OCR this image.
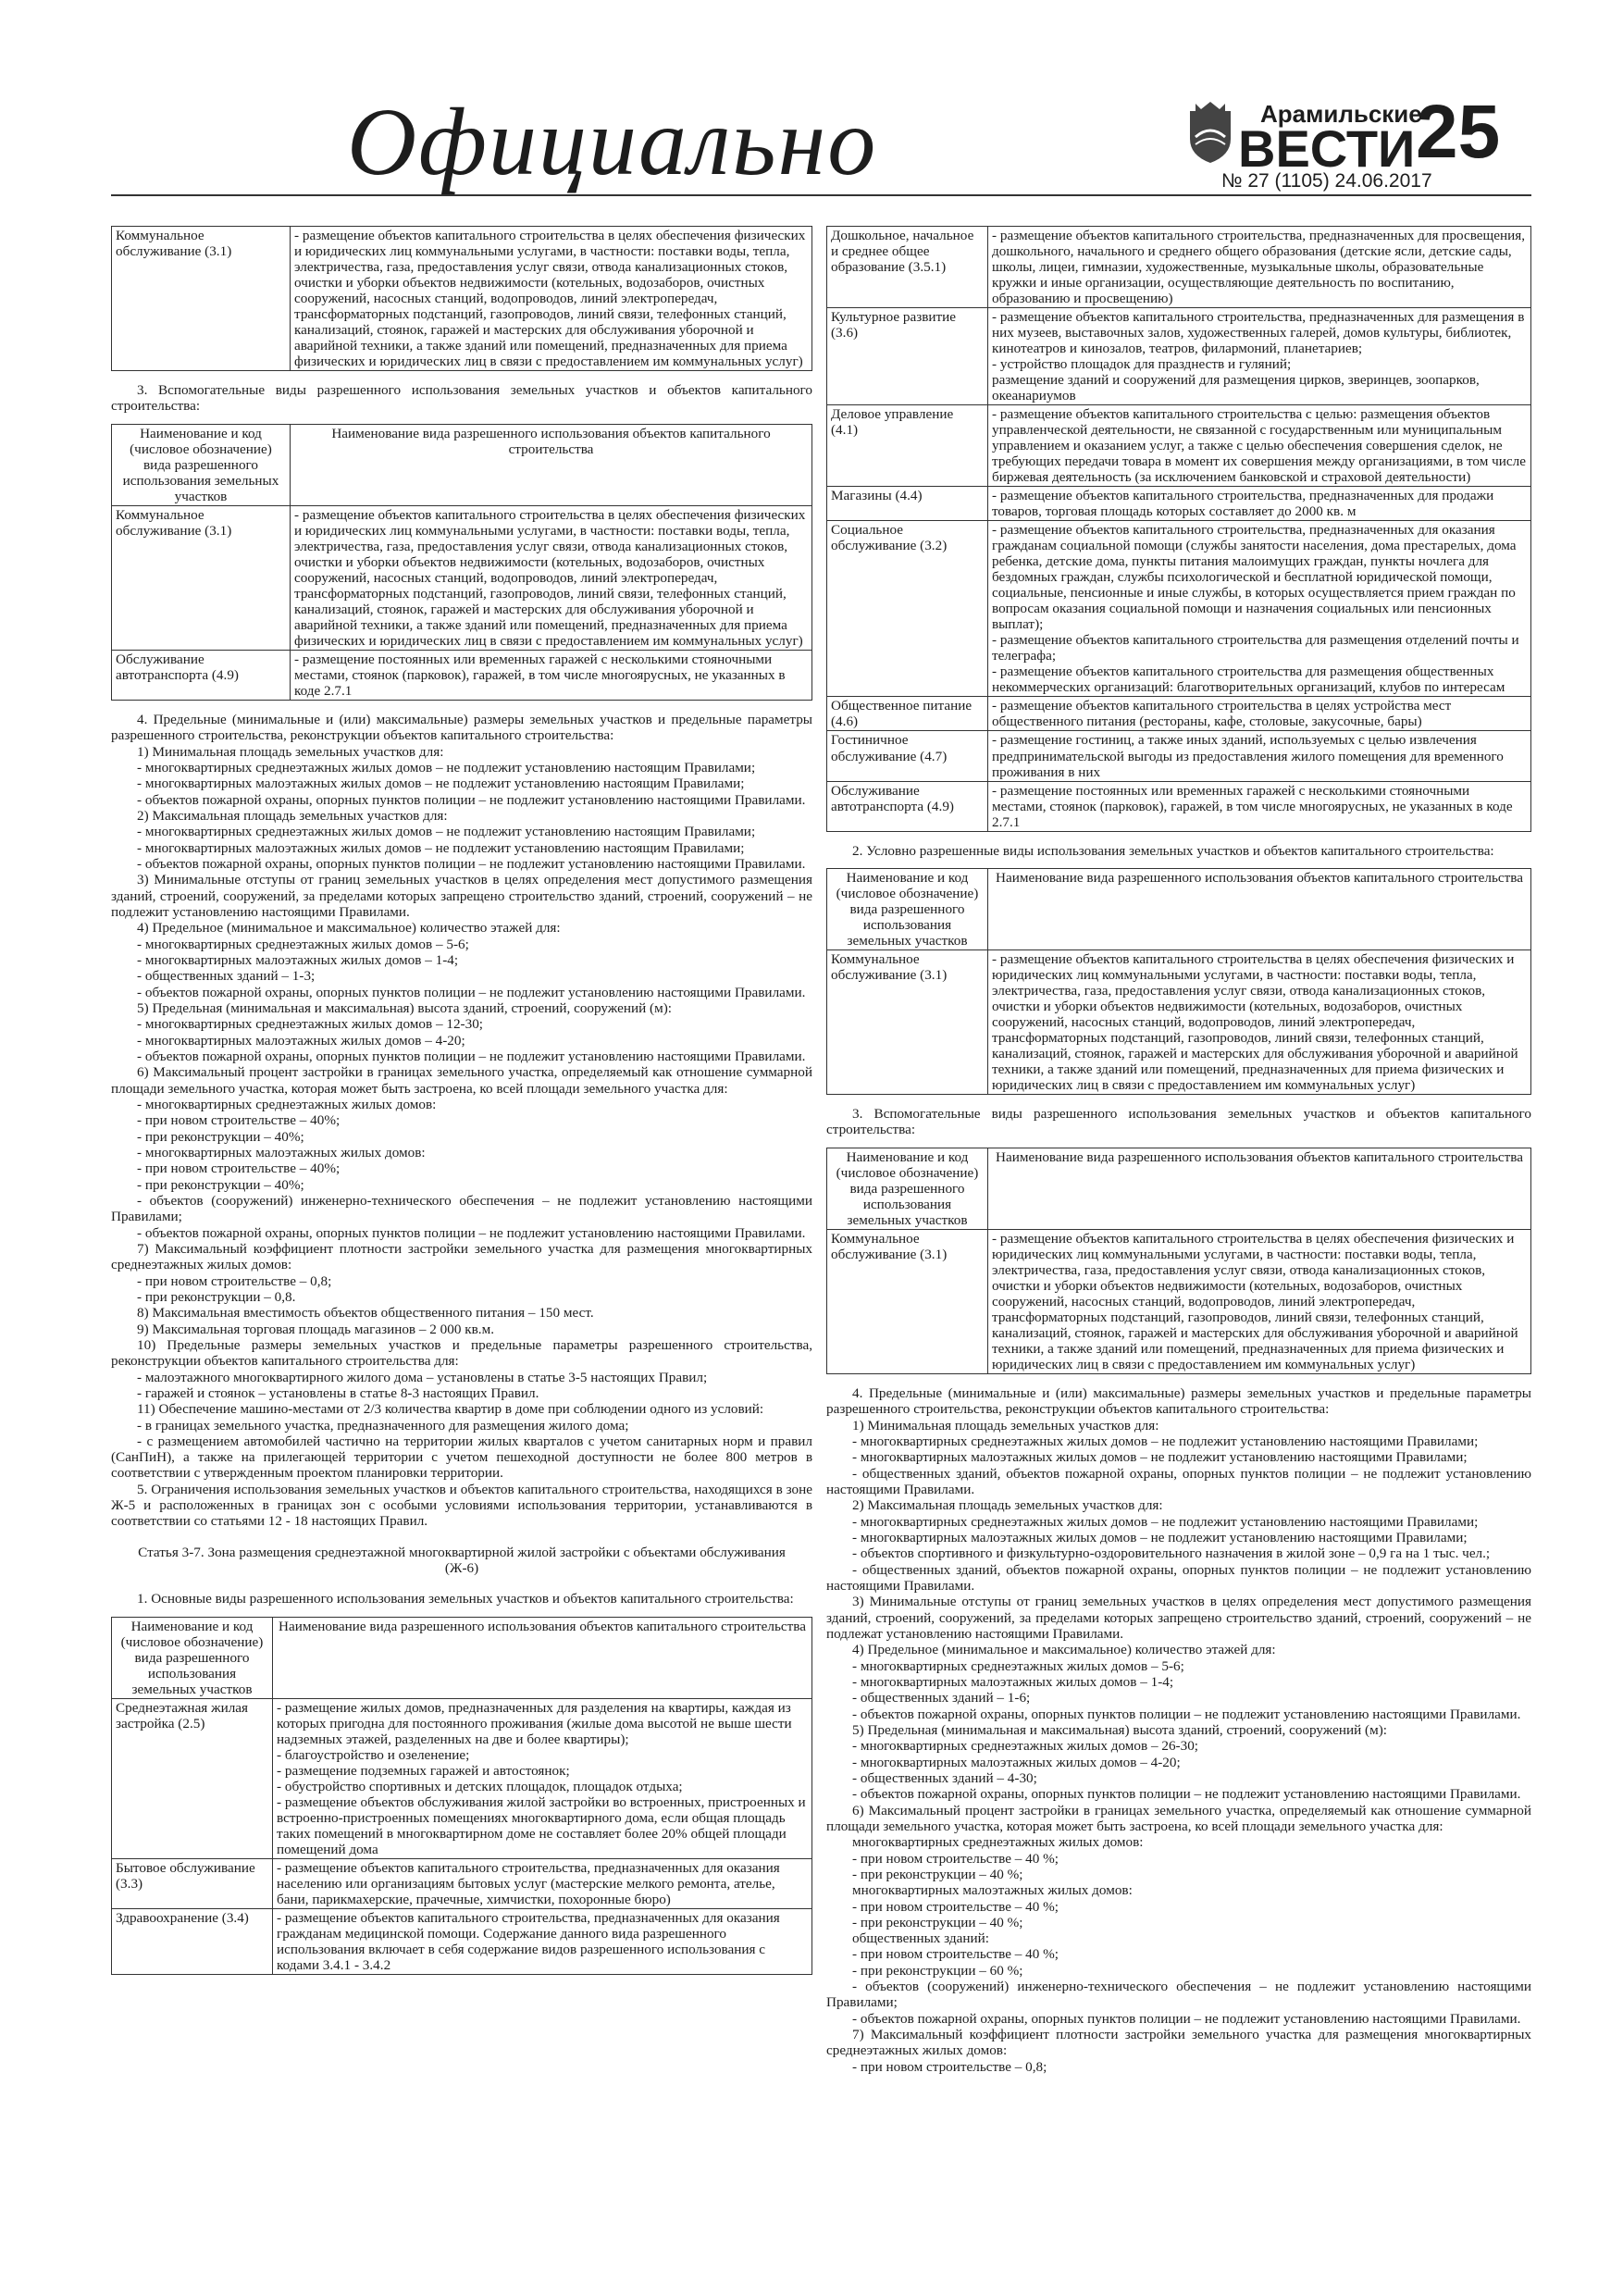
Официально	Арамильские
ВЕСТИ 25
№ 27 (1105) 24.06.2017
Коммунальное обслуживание (3.1)	- размещение объектов капитального строительства в целях обеспечения физических и юридических лиц коммунальными услугами, в частности: поставки воды, тепла, электричества, газа, предоставления услуг связи, отвода канализационных стоков, очистки и уборки объектов недвижимости (котельных, водозаборов, очистных сооружений, насосных станций, водопроводов, линий электропередач, трансформаторных подстанций, газопроводов, линий связи, телефонных станций, канализаций, стоянок, гаражей и мастерских для обслуживания уборочной и аварийной техники, а также зданий или помещений, предназначенных для приема физических и юридических лиц в связи с предоставлением им коммунальных услуг)

3. Вспомогательные виды разрешенного использования земельных участков и объектов капитального строительства:

Наименование и код (числовое обозначение) вида разрешенного использования земельных участков	Наименование вида разрешенного использования объектов капитального строительства
Коммунальное обслуживание (3.1)	- размещение объектов капитального строительства в целях обеспечения физических и юридических лиц коммунальными услугами, в частности: поставки воды, тепла, электричества, газа, предоставления услуг связи, отвода канализационных стоков, очистки и уборки объектов недвижимости (котельных, водозаборов, очистных сооружений, насосных станций, водопроводов, линий электропередач, трансформаторных подстанций, газопроводов, линий связи, телефонных станций, канализаций, стоянок, гаражей и мастерских для обслуживания уборочной и аварийной техники, а также зданий или помещений, предназначенных для приема физических и юридических лиц в связи с предоставлением им коммунальных услуг)
Обслуживание автотранспорта (4.9)	- размещение постоянных или временных гаражей с несколькими стояночными местами, стоянок (парковок), гаражей, в том числе многоярусных, не указанных в коде 2.7.1

4. Предельные (минимальные и (или) максимальные) размеры земельных участков и предельные параметры разрешенного строительства, реконструкции объектов капитального строительства:

1) Минимальная площадь земельных участков для:

- многоквартирных среднеэтажных жилых домов – не подлежит установлению настоящим Правилами;

- многоквартирных малоэтажных жилых домов – не подлежит установлению настоящим Правилами;

- объектов пожарной охраны, опорных пунктов полиции – не подлежит установлению настоящими Правилами.

2) Максимальная площадь земельных участков для:

- многоквартирных среднеэтажных жилых домов – не подлежит установлению настоящим Правилами;

- многоквартирных малоэтажных жилых домов – не подлежит установлению настоящим Правилами;

- объектов пожарной охраны, опорных пунктов полиции – не подлежит установлению настоящими Правилами.

3) Минимальные отступы от границ земельных участков в целях определения мест допустимого размещения зданий, строений, сооружений, за пределами которых запрещено строительство зданий, строений, сооружений – не подлежит установлению настоящими Правилами.

4) Предельное (минимальное и максимальное) количество этажей для:

- многоквартирных среднеэтажных жилых домов – 5-6;

- многоквартирных малоэтажных жилых домов – 1-4;

- общественных зданий – 1-3;

- объектов пожарной охраны, опорных пунктов полиции – не подлежит установлению настоящими Правилами.

5) Предельная (минимальная и максимальная) высота зданий, строений, сооружений (м):

- многоквартирных среднеэтажных жилых домов – 12-30;

- многоквартирных малоэтажных жилых домов – 4-20;

- объектов пожарной охраны, опорных пунктов полиции – не подлежит установлению настоящими Правилами.

6) Максимальный процент застройки в границах земельного участка, определяемый как отношение суммарной площади земельного участка, которая может быть застроена, ко всей площади земельного участка для:

- многоквартирных среднеэтажных жилых домов:

- при новом строительстве – 40%;

- при реконструкции – 40%;

- многоквартирных малоэтажных жилых домов:

- при новом строительстве – 40%;

- при реконструкции – 40%;

- объектов (сооружений) инженерно-технического обеспечения – не подлежит установлению настоящими Правилами;

- объектов пожарной охраны, опорных пунктов полиции – не подлежит установлению настоящими Правилами.

7) Максимальный коэффициент плотности застройки земельного участка для размещения многоквартирных среднеэтажных жилых домов:

- при новом строительстве – 0,8;

- при реконструкции – 0,8.

8) Максимальная вместимость объектов общественного питания – 150 мест.

9) Максимальная торговая площадь магазинов – 2 000 кв.м.

10) Предельные размеры земельных участков и предельные параметры разрешенного строительства, реконструкции объектов капитального строительства для:

- малоэтажного многоквартирного жилого дома – установлены в статье 3-5 настоящих Правил;

- гаражей и стоянок – установлены в статье 8-3 настоящих Правил.

11) Обеспечение машино-местами от 2/3 количества квартир в доме при соблюдении одного из условий:

- в границах земельного участка, предназначенного для размещения жилого дома;

- с размещением автомобилей частично на территории жилых кварталов с учетом санитарных норм и правил (СанПиН), а также на прилегающей территории с учетом пешеходной доступности не более 800 метров в соответствии с утвержденным проектом планировки территории.

5. Ограничения использования земельных участков и объектов капитального строительства, находящихся в зоне Ж-5 и расположенных в границах зон с особыми условиями использования территории, устанавливаются в соответствии со статьями 12 - 18 настоящих Правил.

Статья 3-7. Зона размещения среднеэтажной многоквартирной жилой застройки с объектами обслуживания (Ж-6)

1. Основные виды разрешенного использования земельных участков и объектов капитального строительства:

Наименование и код (числовое обозначение) вида разрешенного использования земельных участков	Наименование вида разрешенного использования объектов капитального строительства
Среднеэтажная жилая застройка (2.5)	- размещение жилых домов, предназначенных для разделения на квартиры, каждая из которых пригодна для постоянного проживания (жилые дома высотой не выше шести надземных этажей, разделенных на две и более квартиры);
- благоустройство и озеленение;
- размещение подземных гаражей и автостоянок;
- обустройство спортивных и детских площадок, площадок отдыха;
- размещение объектов обслуживания жилой застройки во встроенных, пристроенных и встроенно-пристроенных помещениях многоквартирного дома, если общая площадь таких помещений в многоквартирном доме не составляет более 20% общей площади помещений дома
Бытовое обслуживание (3.3)	- размещение объектов капитального строительства, предназначенных для оказания населению или организациям бытовых услуг (мастерские мелкого ремонта, ателье, бани, парикмахерские, прачечные, химчистки, похоронные бюро)
Здравоохранение (3.4)	- размещение объектов капитального строительства, предназначенных для оказания гражданам медицинской помощи. Содержание данного вида разрешенного использования включает в себя содержание видов разрешенного использования с кодами 3.4.1 - 3.4.2
Дошкольное, начальное и среднее общее образование (3.5.1)	- размещение объектов капитального строительства, предназначенных для просвещения, дошкольного, начального и среднего общего образования (детские ясли, детские сады, школы, лицеи, гимназии, художественные, музыкальные школы, образовательные кружки и иные организации, осуществляющие деятельность по воспитанию, образованию и просвещению)
Культурное развитие (3.6)	- размещение объектов капитального строительства, предназначенных для размещения в них музеев, выставочных залов, художественных галерей, домов культуры, библиотек, кинотеатров и кинозалов, театров, филармоний, планетариев;
- устройство площадок для празднеств и гуляний;
размещение зданий и сооружений для размещения цирков, зверинцев, зоопарков, океанариумов
Деловое управление (4.1)	- размещение объектов капитального строительства с целью: размещения объектов управленческой деятельности, не связанной с государственным или муниципальным управлением и оказанием услуг, а также с целью обеспечения совершения сделок, не требующих передачи товара в момент их совершения между организациями, в том числе биржевая деятельность (за исключением банковской и страховой деятельности)
Магазины (4.4)	- размещение объектов капитального строительства, предназначенных для продажи товаров, торговая площадь которых составляет до 2000 кв. м
Социальное обслуживание (3.2)	- размещение объектов капитального строительства, предназначенных для оказания гражданам социальной помощи (службы занятости населения, дома престарелых, дома ребенка, детские дома, пункты питания малоимущих граждан, пункты ночлега для бездомных граждан, службы психологической и бесплатной юридической помощи, социальные, пенсионные и иные службы, в которых осуществляется прием граждан по вопросам оказания социальной помощи и назначения социальных или пенсионных выплат);
- размещение объектов капитального строительства для размещения отделений почты и телеграфа;
- размещение объектов капитального строительства для размещения общественных некоммерческих организаций: благотворительных организаций, клубов по интересам
Общественное питание (4.6)	- размещение объектов капитального строительства в целях устройства мест общественного питания (рестораны, кафе, столовые, закусочные, бары)
Гостиничное обслуживание (4.7)	- размещение гостиниц, а также иных зданий, используемых с целью извлечения предпринимательской выгоды из предоставления жилого помещения для временного проживания в них
Обслуживание автотранспорта (4.9)	- размещение постоянных или временных гаражей с несколькими стояночными местами, стоянок (парковок), гаражей, в том числе многоярусных, не указанных в коде 2.7.1

2. Условно разрешенные виды использования земельных участков и объектов капитального строительства:

Наименование и код (числовое обозначение) вида разрешенного использования земельных участков	Наименование вида разрешенного использования объектов капитального строительства
Коммунальное обслуживание (3.1)	- размещение объектов капитального строительства в целях обеспечения физических и юридических лиц коммунальными услугами, в частности: поставки воды, тепла, электричества, газа, предоставления услуг связи, отвода канализационных стоков, очистки и уборки объектов недвижимости (котельных, водозаборов, очистных сооружений, насосных станций, водопроводов, линий электропередач, трансформаторных подстанций, газопроводов, линий связи, телефонных станций, канализаций, стоянок, гаражей и мастерских для обслуживания уборочной и аварийной техники, а также зданий или помещений, предназначенных для приема физических и юридических лиц в связи с предоставлением им коммунальных услуг)

3. Вспомогательные виды разрешенного использования земельных участков и объектов капитального строительства:

Наименование и код (числовое обозначение) вида разрешенного использования земельных участков	Наименование вида разрешенного использования объектов капитального строительства
Коммунальное обслуживание (3.1)	- размещение объектов капитального строительства в целях обеспечения физических и юридических лиц коммунальными услугами, в частности: поставки воды, тепла, электричества, газа, предоставления услуг связи, отвода канализационных стоков, очистки и уборки объектов недвижимости (котельных, водозаборов, очистных сооружений, насосных станций, водопроводов, линий электропередач, трансформаторных подстанций, газопроводов, линий связи, телефонных станций, канализаций, стоянок, гаражей и мастерских для обслуживания уборочной и аварийной техники, а также зданий или помещений, предназначенных для приема физических и юридических лиц в связи с предоставлением им коммунальных услуг)

4. Предельные (минимальные и (или) максимальные) размеры земельных участков и предельные параметры разрешенного строительства, реконструкции объектов капитального строительства:

1) Минимальная площадь земельных участков для:

- многоквартирных среднеэтажных жилых домов – не подлежит установлению настоящими Правилами;

- многоквартирных малоэтажных жилых домов – не подлежит установлению настоящими Правилами;

- общественных зданий, объектов пожарной охраны, опорных пунктов полиции – не подлежит установлению настоящими Правилами.

2) Максимальная площадь земельных участков для:

- многоквартирных среднеэтажных жилых домов – не подлежит установлению настоящими Правилами;

- многоквартирных малоэтажных жилых домов – не подлежит установлению настоящими Правилами;

- объектов спортивного и физкультурно-оздоровительного назначения в жилой зоне – 0,9 га на 1 тыс. чел.;

- общественных зданий, объектов пожарной охраны, опорных пунктов полиции – не подлежит установлению настоящими Правилами.

3) Минимальные отступы от границ земельных участков в целях определения мест допустимого размещения зданий, строений, сооружений, за пределами которых запрещено строительство зданий, строений, сооружений – не подлежат установлению настоящими Правилами.

4) Предельное (минимальное и максимальное) количество этажей для:

- многоквартирных среднеэтажных жилых домов – 5-6;

- многоквартирных малоэтажных жилых домов – 1-4;

- общественных зданий – 1-6;

- объектов пожарной охраны, опорных пунктов полиции – не подлежит установлению настоящими Правилами.

5) Предельная (минимальная и максимальная) высота зданий, строений, сооружений (м):

- многоквартирных среднеэтажных жилых домов – 26-30;

- многоквартирных малоэтажных жилых домов – 4-20;

- общественных зданий – 4-30;

- объектов пожарной охраны, опорных пунктов полиции – не подлежит установлению настоящими Правилами.

6) Максимальный процент застройки в границах земельного участка, определяемый как отношение суммарной площади земельного участка, которая может быть застроена, ко всей площади земельного участка для:

многоквартирных среднеэтажных жилых домов:

- при новом строительстве – 40 %;

- при реконструкции – 40 %;

многоквартирных малоэтажных жилых домов:

- при новом строительстве – 40 %;

- при реконструкции – 40 %;

общественных зданий:

- при новом строительстве – 40 %;

- при реконструкции – 60 %;

- объектов (сооружений) инженерно-технического обеспечения – не подлежит установлению настоящими Правилами;

- объектов пожарной охраны, опорных пунктов полиции – не подлежит установлению настоящими Правилами.

7) Максимальный коэффициент плотности застройки земельного участка для размещения многоквартирных среднеэтажных жилых домов:

- при новом строительстве – 0,8;
